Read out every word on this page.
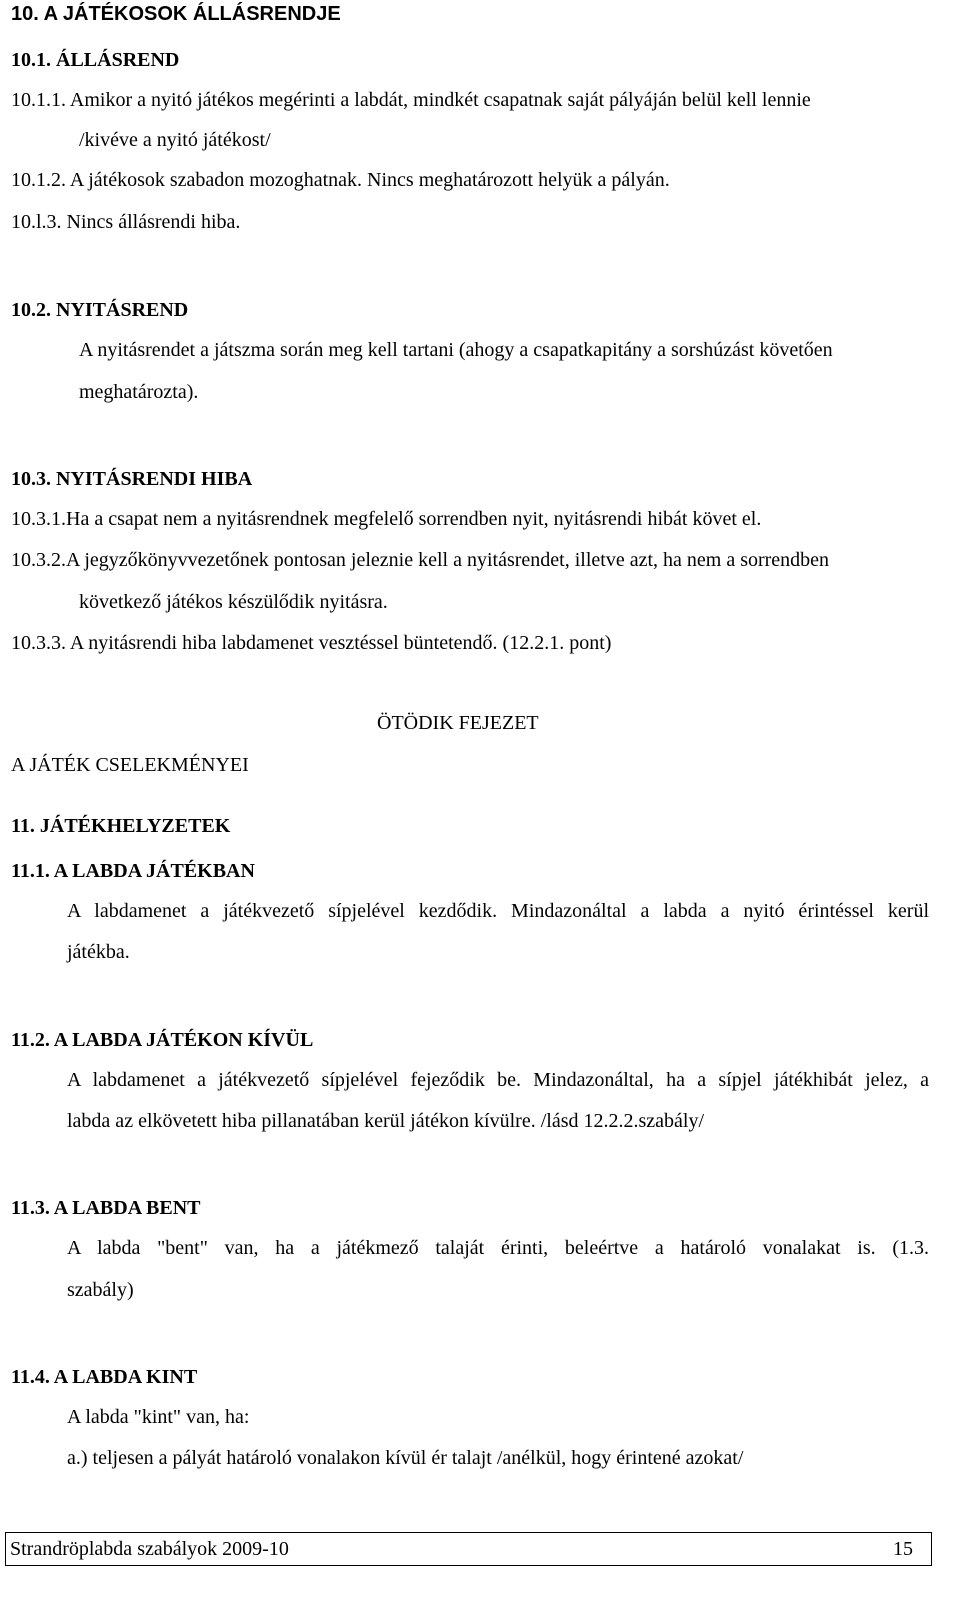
10. A JÁTÉKOSOK ÁLLÁSRENDJE
10.1. ÁLLÁSREND
10.1.1. Amikor a nyitó játékos megérinti a labdát, mindkét csapatnak saját pályáján belül kell lennie
/kivéve a nyitó játékost/
10.1.2. A játékosok szabadon mozoghatnak. Nincs meghatározott helyük a pályán.
10.l.3. Nincs állásrendi hiba.
10.2. NYITÁSREND
A nyitásrendet a játszma során meg kell tartani (ahogy a csapatkapitány a sorshúzást követően
meghatározta).
10.3. NYITÁSRENDI HIBA
10.3.1.Ha a csapat nem a nyitásrendnek megfelelő sorrendben nyit, nyitásrendi hibát követ el.
10.3.2.A jegyzőkönyvvezetőnek pontosan jeleznie kell a nyitásrendet, illetve azt, ha nem a sorrendben
következő játékos készülődik nyitásra.
10.3.3. A nyitásrendi hiba labdamenet vesztéssel büntetendő. (12.2.1. pont)
ÖTÖDIK FEJEZET
A JÁTÉK CSELEKMÉNYEI
11. JÁTÉKHELYZETEK
11.1. A LABDA JÁTÉKBAN
A labdamenet a játékvezető sípjelével kezdődik. Mindazonáltal a labda a nyitó érintéssel kerül
játékba.
11.2. A LABDA JÁTÉKON KÍVÜL
A labdamenet a játékvezető sípjelével fejeződik be. Mindazonáltal, ha a sípjel játékhibát jelez, a
labda az elkövetett hiba pillanatában kerül játékon kívülre. /lásd 12.2.2.szabály/
11.3. A LABDA BENT
A labda "bent" van, ha a játékmező talaját érinti, beleértve a határoló vonalakat is. (1.3.
szabály)
11.4. A LABDA KINT
A labda "kint" van, ha:
a.) teljesen a pályát határoló vonalakon kívül ér talajt /anélkül, hogy érintené azokat/
Strandröplabda szabályok 2009-10	15
